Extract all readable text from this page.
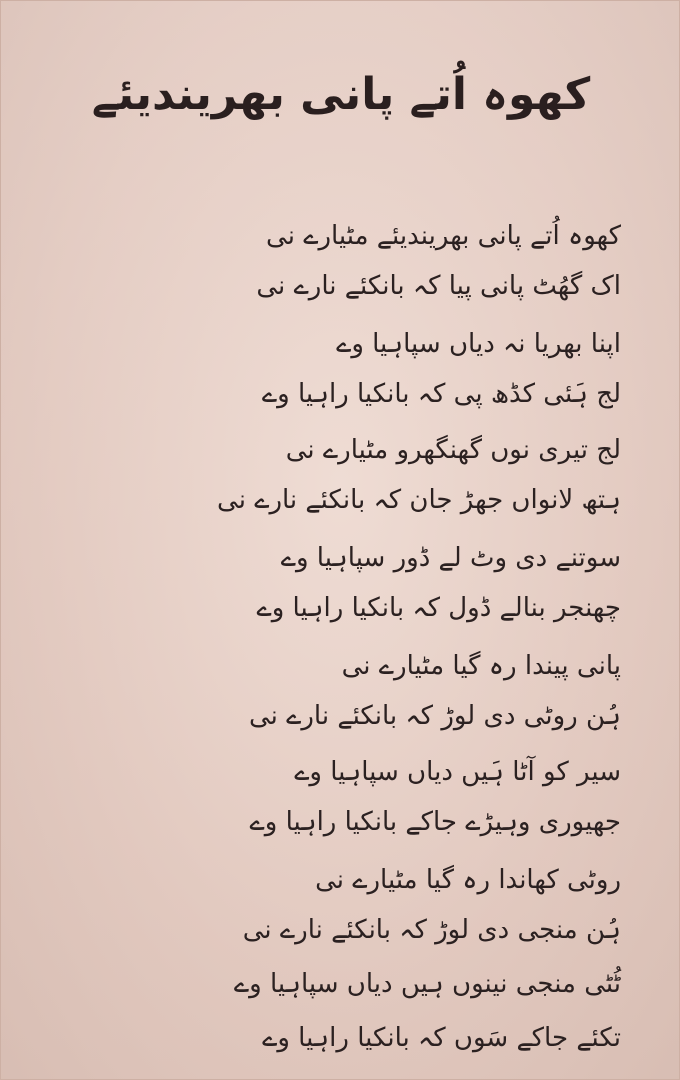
کھوہ اُتے پانی بھریندیئے
کھوہ اُتے پانی بھریندیئے مٹیارے نی
اک گھُٹ پانی پیا کہ بانکئے نارے نی
اپنا بھریا نہ دیاں سپاہیا وے
لج ہَئی کڈھ پی کہ بانکیا راہیا وے
لج تیری نوں گھنگھرو مٹیارے نی
ہتھ لانواں جھڑ جان کہ بانکئے نارے نی
سوتنے دی وٹ لے ڈور سپاہیا وے
چھنجر بنالے ڈول کہ بانکیا راہیا وے
پانی پیندا رہ گیا مٹیارے نی
ہُن روٹی دی لوڑ کہ بانکئے نارے نی
سیر کو آٹا ہَیں دیاں سپاہیا وے
جھیوری وہیڑے جاکے بانکیا راہیا وے
روٹی کھاندا رہ گیا مٹیارے نی
ہُن منجی دی لوڑ کہ بانکئے نارے نی
ٹُٹی منجی نینوں ہیں دیاں سپاہیا وے
تکئے جاکے سَوں کہ بانکیا راہیا وے
